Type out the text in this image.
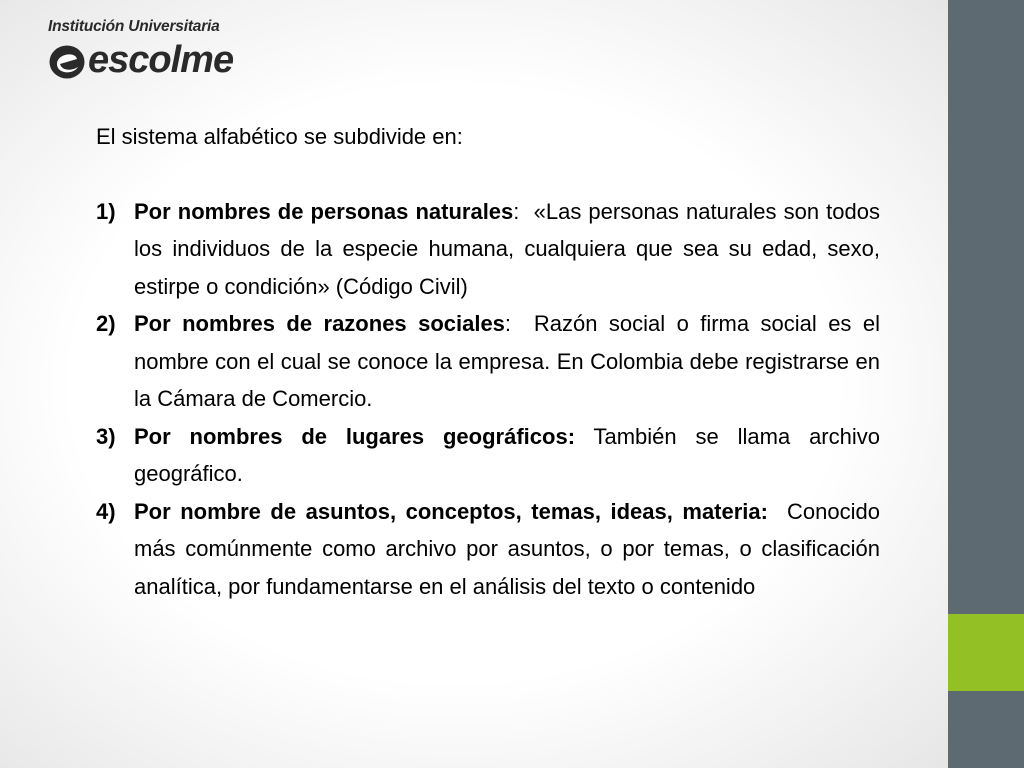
Institución Universitaria
escolme

El sistema alfabético se subdivide en:

1) Por nombres de personas naturales: «Las personas naturales son todos los individuos de la especie humana, cualquiera que sea su edad, sexo, estirpe o condición» (Código Civil)
2) Por nombres de razones sociales: Razón social o firma social es el nombre con el cual se conoce la empresa. En Colombia debe registrarse en la Cámara de Comercio.
3) Por nombres de lugares geográficos: También se llama archivo geográfico.
4) Por nombre de asuntos, conceptos, temas, ideas, materia: Conocido más comúnmente como archivo por asuntos, o por temas, o clasificación analítica, por fundamentarse en el análisis del texto o contenido
